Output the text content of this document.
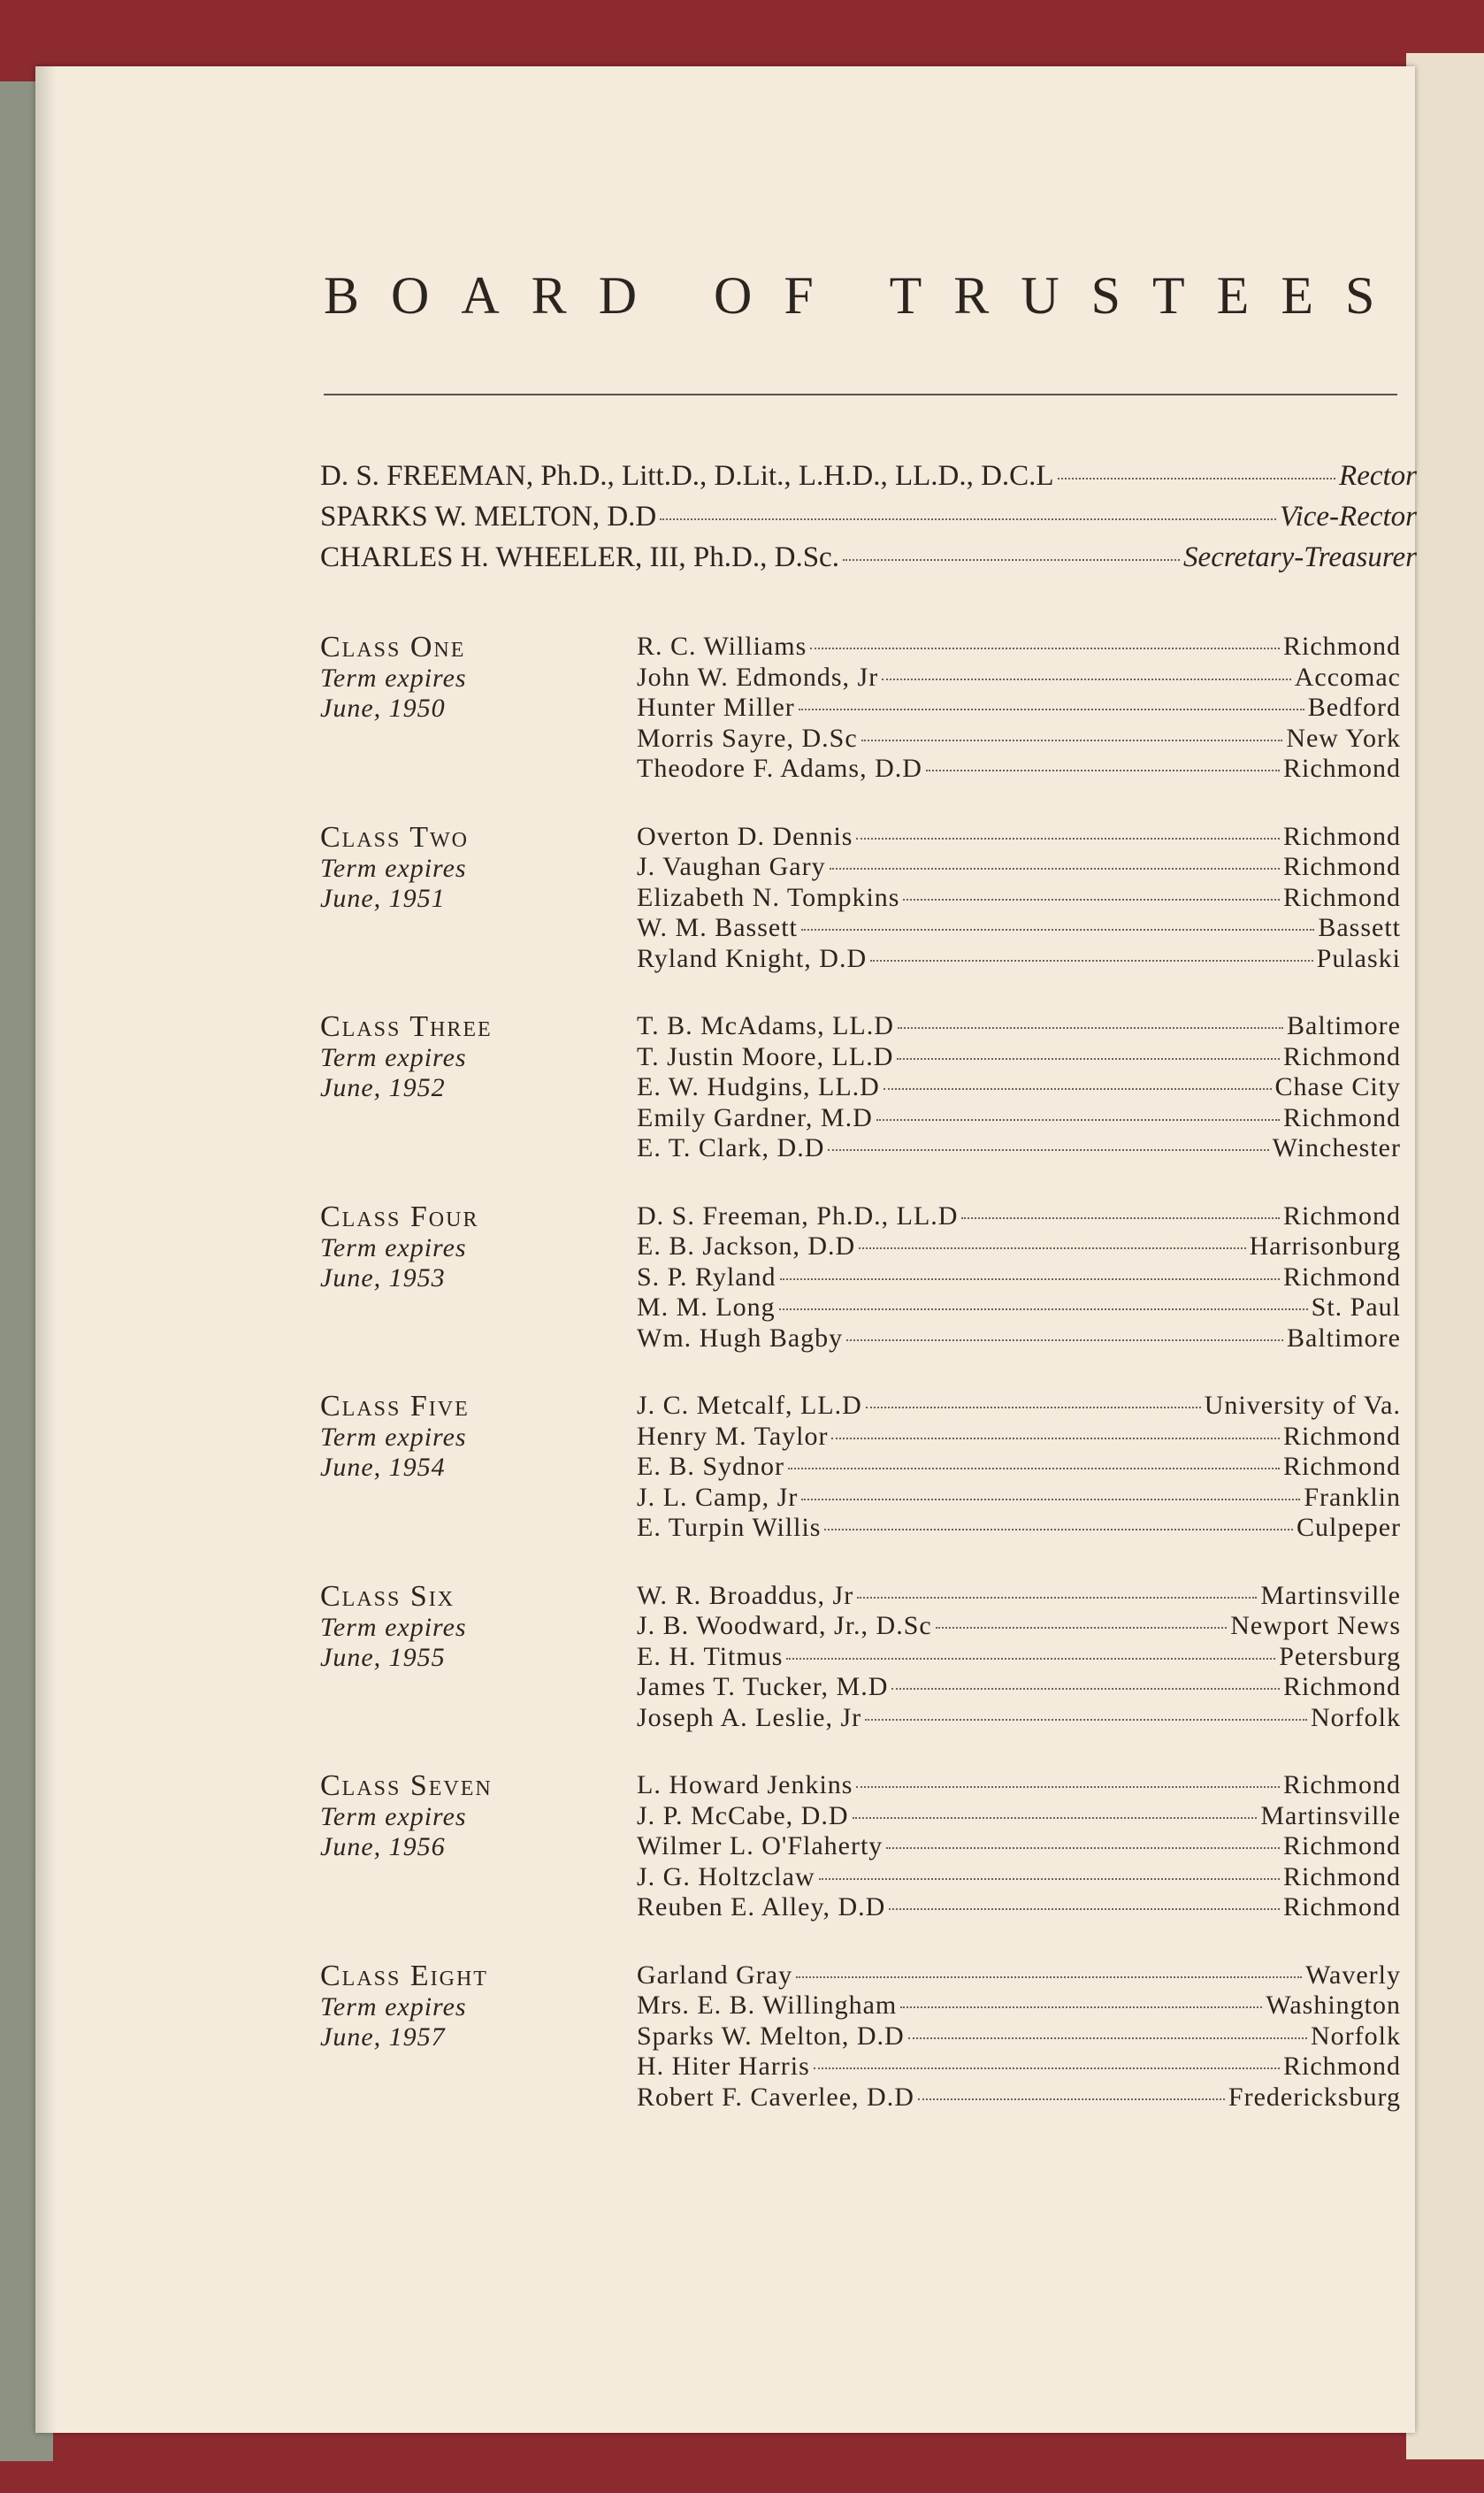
BOARD OF TRUSTEES
D. S. FREEMAN, Ph.D., Litt.D., D.Lit., L.H.D., LL.D., D.C.L	Rector
SPARKS W. MELTON, D.D	Vice-Rector
CHARLES H. WHEELER, III, Ph.D., D.Sc.	Secretary-Treasurer
Class One
Term expires
June, 1950
R. C. Williams	Richmond
John W. Edmonds, Jr	Accomac
Hunter Miller	Bedford
Morris Sayre, D.Sc	New York
Theodore F. Adams, D.D	Richmond
Class Two
Term expires
June, 1951
Overton D. Dennis	Richmond
J. Vaughan Gary	Richmond
Elizabeth N. Tompkins	Richmond
W. M. Bassett	Bassett
Ryland Knight, D.D	Pulaski
Class Three
Term expires
June, 1952
T. B. McAdams, LL.D	Baltimore
T. Justin Moore, LL.D	Richmond
E. W. Hudgins, LL.D	Chase City
Emily Gardner, M.D	Richmond
E. T. Clark, D.D	Winchester
Class Four
Term expires
June, 1953
D. S. Freeman, Ph.D., LL.D	Richmond
E. B. Jackson, D.D	Harrisonburg
S. P. Ryland	Richmond
M. M. Long	St. Paul
Wm. Hugh Bagby	Baltimore
Class Five
Term expires
June, 1954
J. C. Metcalf, LL.D	University of Va.
Henry M. Taylor	Richmond
E. B. Sydnor	Richmond
J. L. Camp, Jr	Franklin
E. Turpin Willis	Culpeper
Class Six
Term expires
June, 1955
W. R. Broaddus, Jr	Martinsville
J. B. Woodward, Jr., D.Sc	Newport News
E. H. Titmus	Petersburg
James T. Tucker, M.D	Richmond
Joseph A. Leslie, Jr	Norfolk
Class Seven
Term expires
June, 1956
L. Howard Jenkins	Richmond
J. P. McCabe, D.D	Martinsville
Wilmer L. O'Flaherty	Richmond
J. G. Holtzclaw	Richmond
Reuben E. Alley, D.D	Richmond
Class Eight
Term expires
June, 1957
Garland Gray	Waverly
Mrs. E. B. Willingham	Washington
Sparks W. Melton, D.D	Norfolk
H. Hiter Harris	Richmond
Robert F. Caverlee, D.D	Fredericksburg
